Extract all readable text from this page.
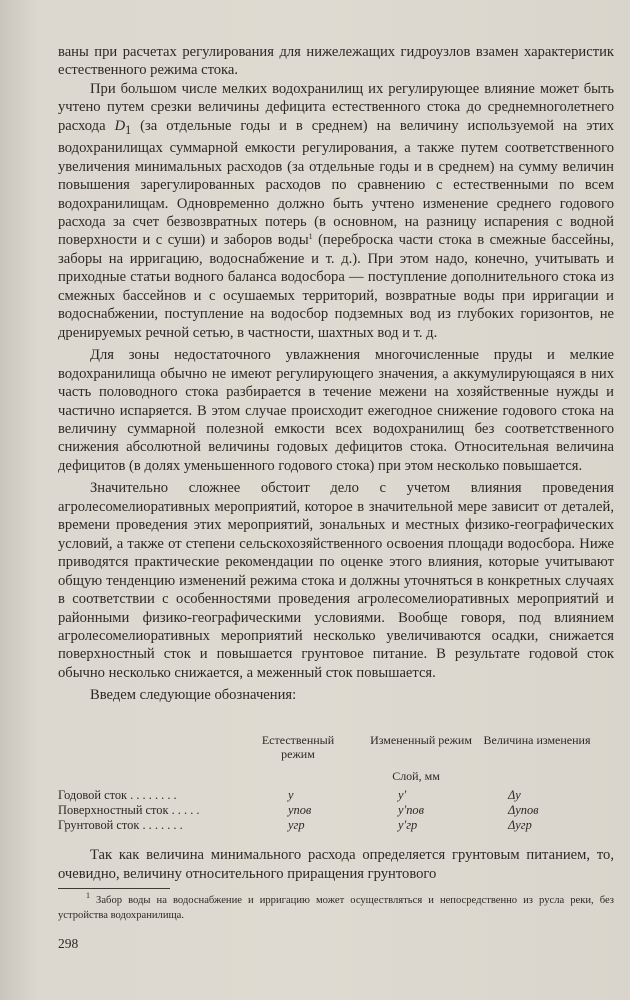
ваны при расчетах регулирования для нижележащих гидроузлов взамен характеристик естественного режима стока.

При большом числе мелких водохранилищ их регулирующее влияние может быть учтено путем срезки величины дефицита естественного стока до среднемноголетнего расхода $D_1$ (за отдельные годы и в среднем) на величину используемой на этих водохранилищах суммарной емкости регулирования, а также путем соответственного увеличения минимальных расходов (за отдельные годы и в среднем) на сумму величин повышения зарегулированных расходов по сравнению с естественными по всем водохранилищам. Одновременно должно быть учтено изменение среднего годового расхода за счет безвозвратных потерь (в основном, на разницу испарения с водной поверхности и с суши) и заборов воды$^1$ (переброска части стока в смежные бассейны, заборы на ирригацию, водоснабжение и т. д.). При этом надо, конечно, учитывать и приходные статьи водного баланса водосбора — поступление дополнительного стока из смежных бассейнов и с осушаемых территорий, возвратные воды при ирригации и водоснабжении, поступление на водосбор подземных вод из глубоких горизонтов, не дренируемых речной сетью, в частности, шахтных вод и т. д.

Для зоны недостаточного увлажнения многочисленные пруды и мелкие водохранилища обычно не имеют регулирующего значения, а аккумулирующаяся в них часть половодного стока разбирается в течение межени на хозяйственные нужды и частично испаряется. В этом случае происходит ежегодное снижение годового стока на величину суммарной полезной емкости всех водохранилищ без соответственного снижения абсолютной величины годовых дефицитов стока. Относительная величина дефицитов (в долях уменьшенного годового стока) при этом несколько повышается.

Значительно сложнее обстоит дело с учетом влияния проведения агролесомелиоративных мероприятий, которое в значительной мере зависит от деталей, времени проведения этих мероприятий, зональных и местных физико-географических условий, а также от степени сельскохозяйственного освоения площади водосбора. Ниже приводятся практические рекомендации по оценке этого влияния, которые учитывают общую тенденцию изменений режима стока и должны уточняться в конкретных случаях в соответствии с особенностями проведения агролесомелиоративных мероприятий и районными физико-географическими условиями. Вообще говоря, под влиянием агролесомелиоративных мероприятий несколько увеличиваются осадки, снижается поверхностный сток и повышается грунтовое питание. В результате годовой сток обычно несколько снижается, а меженный сток повышается.

Введем следующие обозначения:

Естественный режим
Измененный режим Величина изменения
Слой, мм
Годовой сток . . . . . . . .	y	y′	Δy
Поверхностный сток . . . . .	yпов	y′пов	Δyпов
Грунтовой сток . . . . . . .	yгр	y′гр	Δyгр
Так как величина минимального расхода определяется грунтовым питанием, то, очевидно, величину относительного приращения грунтового
$^1$ Забор воды на водоснабжение и ирригацию может осуществляться и непосредственно из русла реки, без устройства водохранилища.
298
